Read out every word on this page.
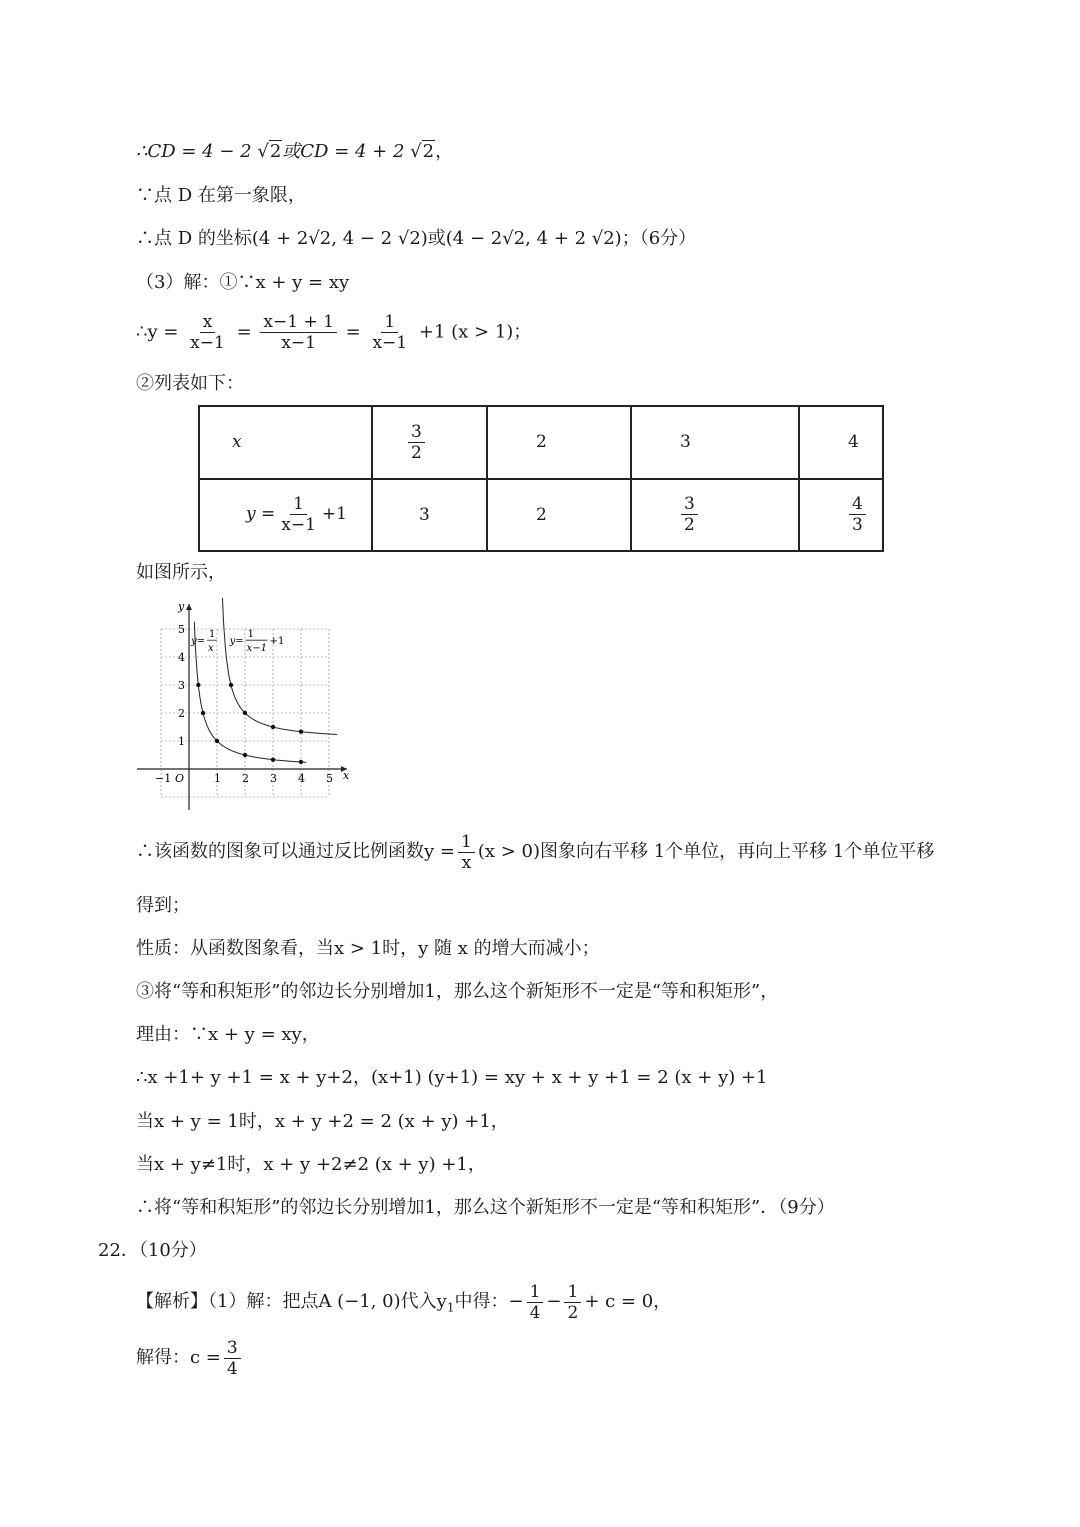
∴CD = 4 − 2 √2或CD = 4 + 2 √2，
∵点 D 在第一象限，
∴点 D 的坐标(4 + 2√2, 4 − 2 √2)或(4 − 2√2, 4 + 2 √2)；（6分）
（3）解：①∵x + y = xy
∴y = $\frac{x}{x-1} = \frac{x-1 + 1}{x-1} = \frac{1}{x-1} +1$ (x > 1)；
②列表如下：
x	$\frac{3}{2}$	2	3	4
$y = \frac{1}{x-1} +1$	3	2	$\frac{3}{2}$	$\frac{4}{3}$
如图所示，
−1	1 2 3 4 5
1
2
3
4
5
O	x
y
y=
1
x
y=
1
x−1
+1
∴该函数的图象可以通过反比例函数$y = \frac{1}{x} (x > 0)$图象向右平移 1个单位，再向上平移 1个单位平移
得到；
性质：从函数图象看，当x > 1时，y 随 x 的增大而减小；
③将“等和积矩形”的邻边长分别增加1，那么这个新矩形不一定是“等和积矩形”，
理由：∵x + y = xy，
∴x +1+ y +1 = x + y+2，(x+1) (y+1) = xy + x + y +1 = 2 (x + y) +1
当x + y = 1时，x + y +2 = 2 (x + y) +1，
当x + y≠1时，x + y +2≠2 (x + y) +1，
∴将“等和积矩形”的邻边长分别增加1，那么这个新矩形不一定是“等和积矩形”．（9分）
22．（10分）
【解析】（1）解：把点A (−1, 0)代入$y_1$中得：− $\frac{1}{4} - \frac{1}{2} + c = 0$，
解得：$c = \frac{3}{4}$
